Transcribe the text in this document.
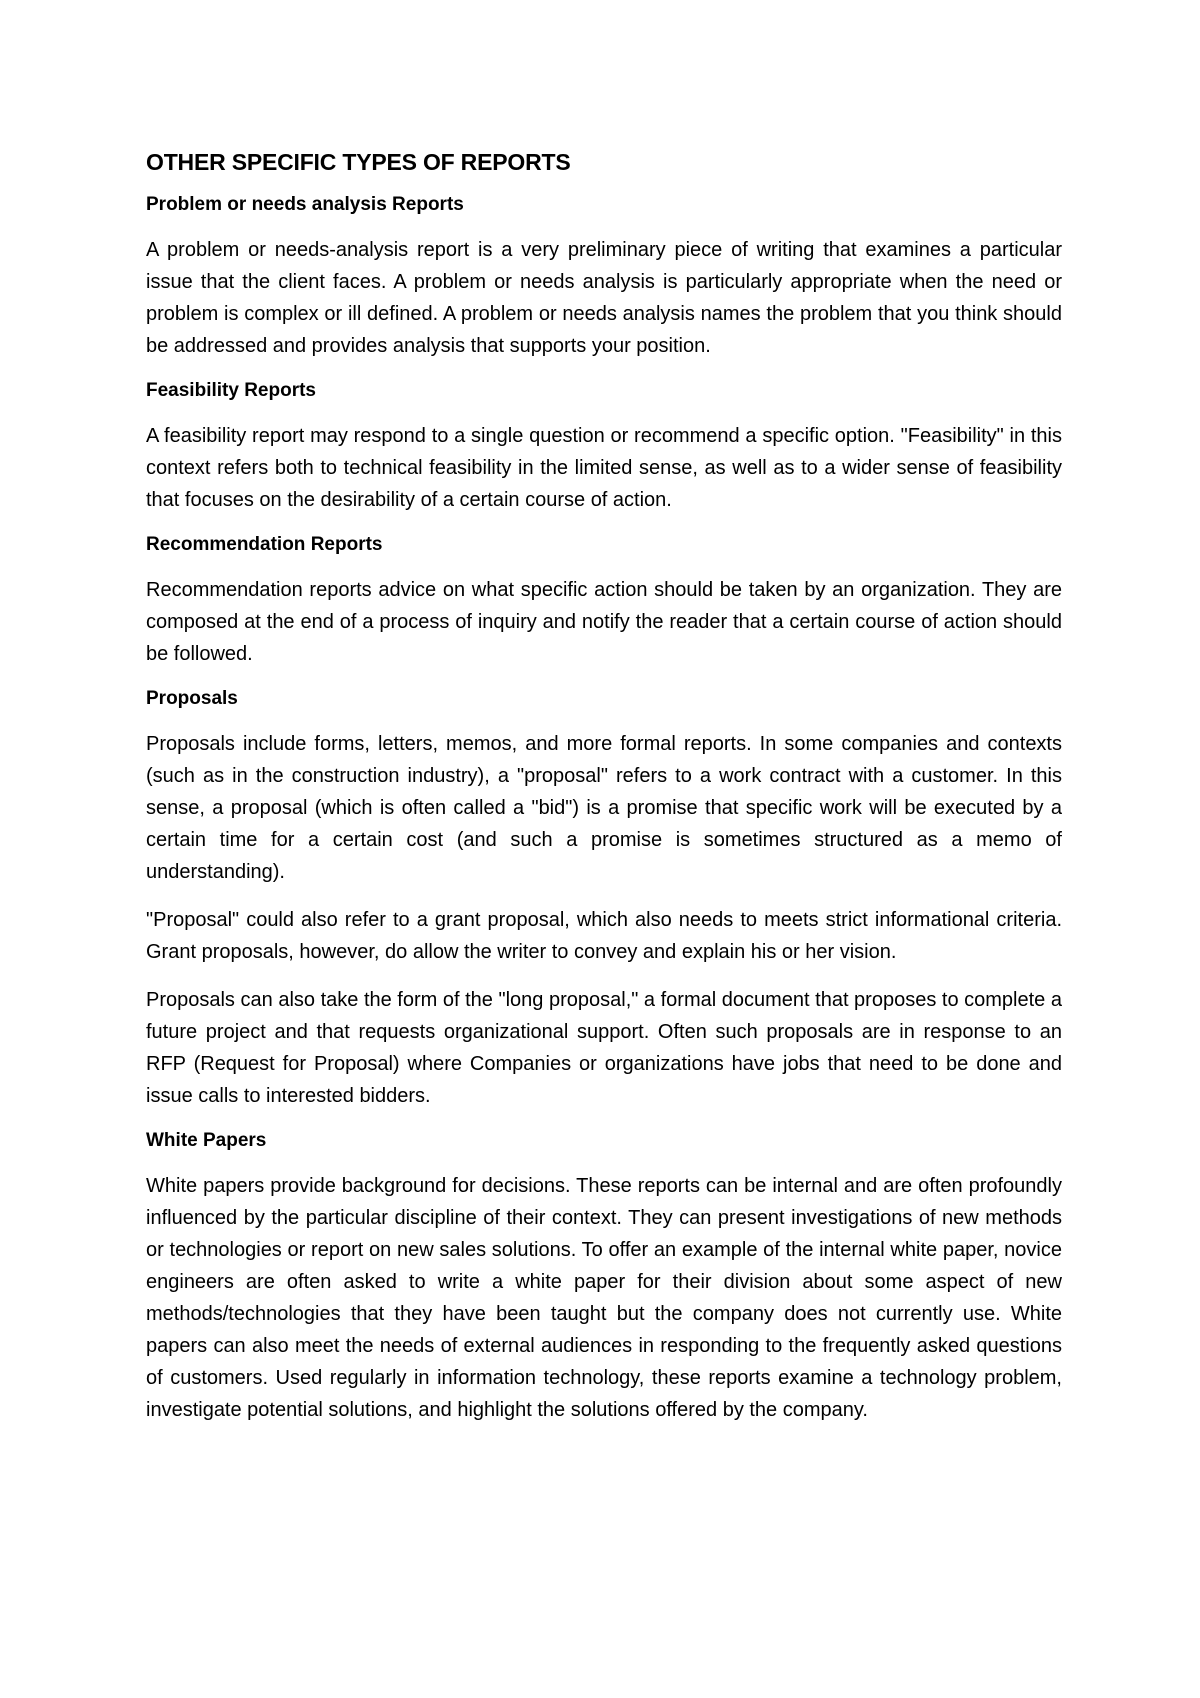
OTHER SPECIFIC TYPES OF REPORTS
Problem or needs analysis Reports

A problem or needs-analysis report is a very preliminary piece of writing that examines a particular issue that the client faces. A problem or needs analysis is particularly appropriate when the need or problem is complex or ill defined. A problem or needs analysis names the problem that you think should be addressed and provides analysis that supports your position.

Feasibility Reports

A feasibility report may respond to a single question or recommend a specific option. "Feasibility" in this context refers both to technical feasibility in the limited sense, as well as to a wider sense of feasibility that focuses on the desirability of a certain course of action.

Recommendation Reports

Recommendation reports advice on what specific action should be taken by an organization. They are composed at the end of a process of inquiry and notify the reader that a certain course of action should be followed.

Proposals

Proposals include forms, letters, memos, and more formal reports. In some companies and contexts (such as in the construction industry), a "proposal" refers to a work contract with a customer. In this sense, a proposal (which is often called a "bid") is a promise that specific work will be executed by a certain time for a certain cost (and such a promise is sometimes structured as a memo of understanding).

"Proposal" could also refer to a grant proposal, which also needs to meets strict informational criteria. Grant proposals, however, do allow the writer to convey and explain his or her vision.

Proposals can also take the form of the "long proposal," a formal document that proposes to complete a future project and that requests organizational support. Often such proposals are in response to an RFP (Request for Proposal) where Companies or organizations have jobs that need to be done and issue calls to interested bidders.

White Papers

White papers provide background for decisions. These reports can be internal and are often profoundly influenced by the particular discipline of their context. They can present investigations of new methods or technologies or report on new sales solutions. To offer an example of the internal white paper, novice engineers are often asked to write a white paper for their division about some aspect of new methods/technologies that they have been taught but the company does not currently use. White papers can also meet the needs of external audiences in responding to the frequently asked questions of customers. Used regularly in information technology, these reports examine a technology problem, investigate potential solutions, and highlight the solutions offered by the company.
